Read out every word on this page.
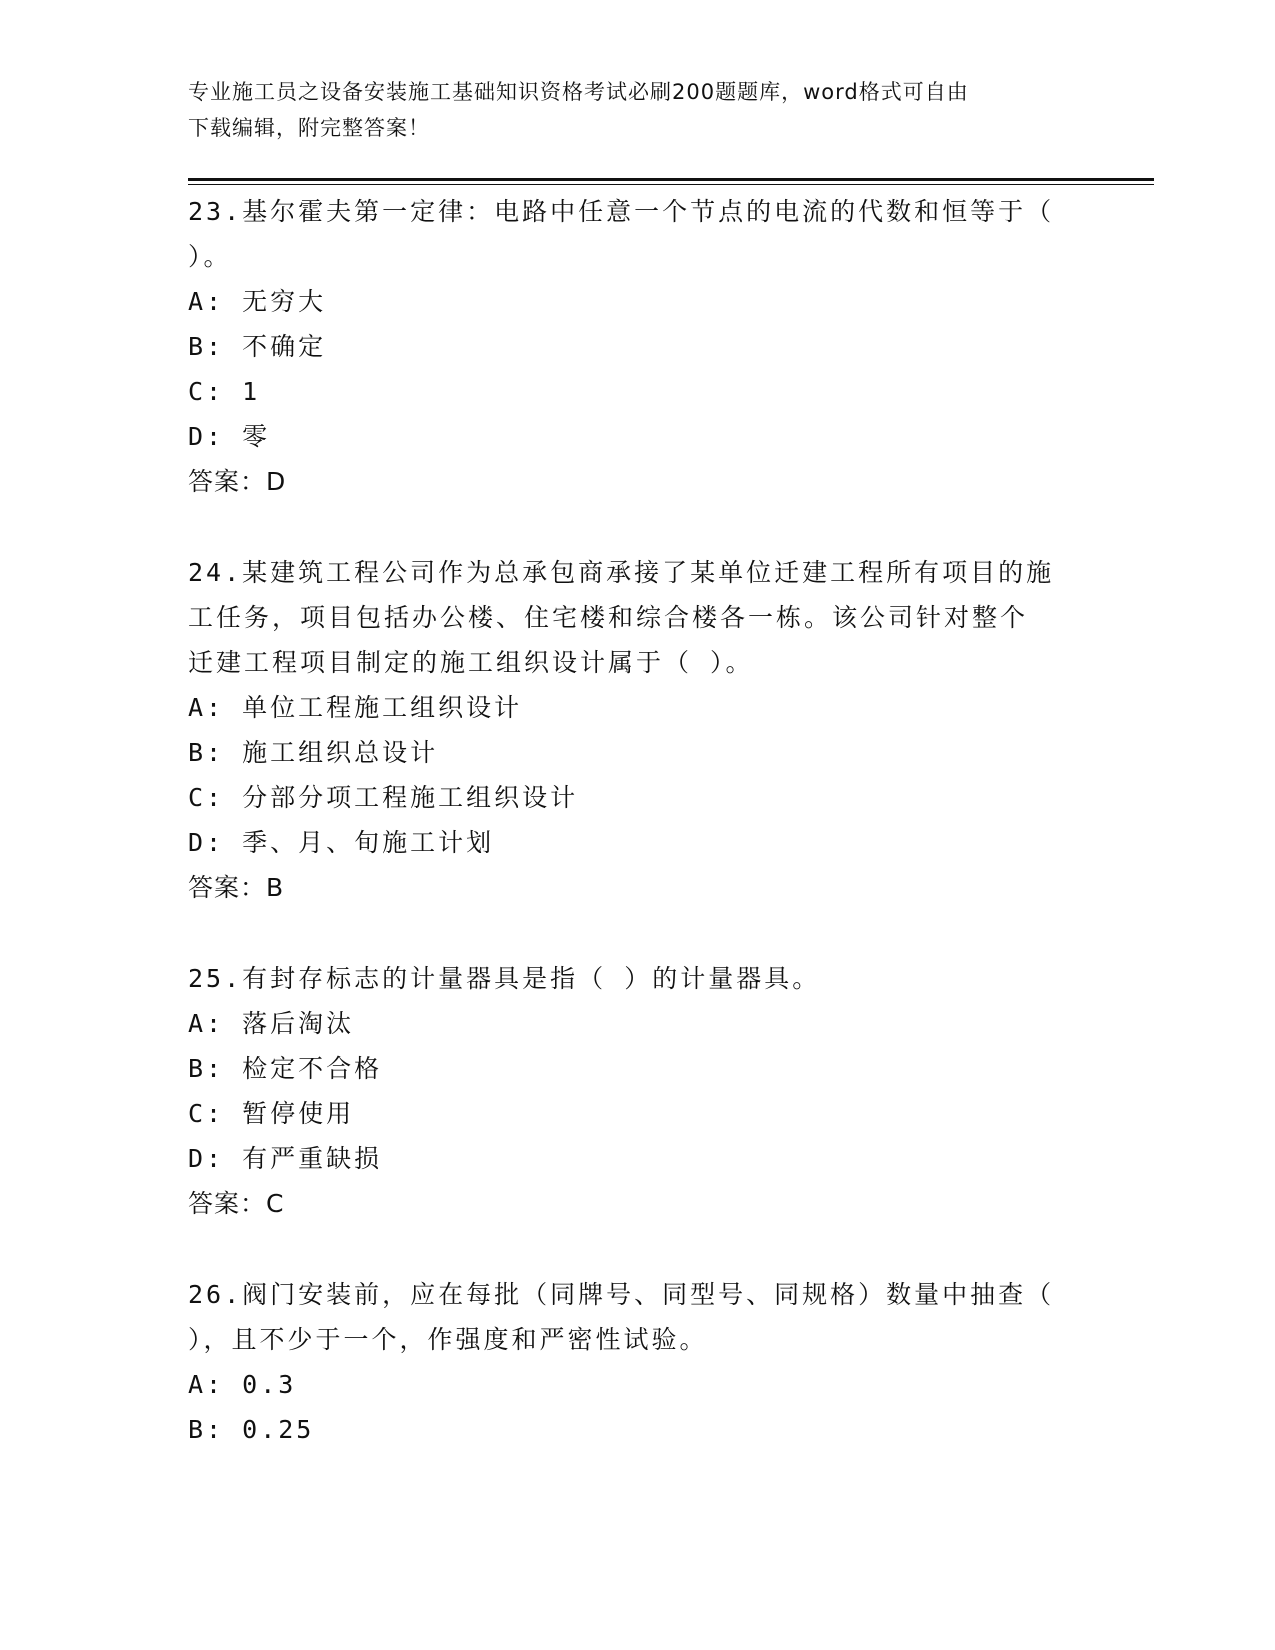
专业施工员之设备安装施工基础知识资格考试必刷200题题库，word格式可自由
下载编辑，附完整答案！
23.基尔霍夫第一定律：电路中任意一个节点的电流的代数和恒等于（
）。
A: 无穷大
B: 不确定
C: 1
D: 零
答案：D
24.某建筑工程公司作为总承包商承接了某单位迁建工程所有项目的施
工任务，项目包括办公楼、住宅楼和综合楼各一栋。该公司针对整个
迁建工程项目制定的施工组织设计属于（ ）。
A: 单位工程施工组织设计
B: 施工组织总设计
C: 分部分项工程施工组织设计
D: 季、月、旬施工计划
答案：B
25.有封存标志的计量器具是指（ ）的计量器具。
A: 落后淘汰
B: 检定不合格
C: 暂停使用
D: 有严重缺损
答案：C
26.阀门安装前，应在每批（同牌号、同型号、同规格）数量中抽查（
），且不少于一个，作强度和严密性试验。
A: 0.3
B: 0.25
